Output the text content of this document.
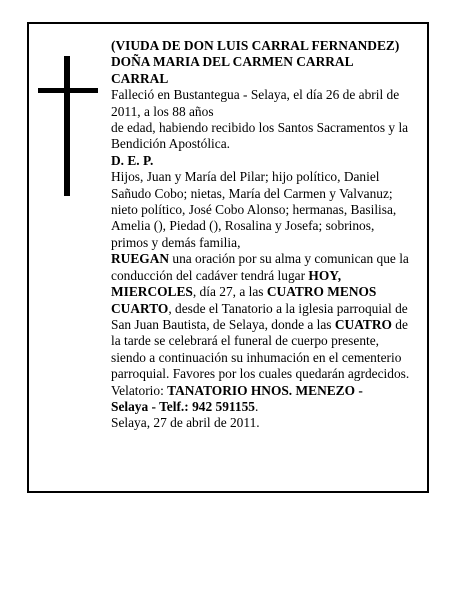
(VIUDA DE DON LUIS CARRAL FERNANDEZ)
DOÑA MARIA DEL CARMEN CARRAL
CARRAL
Falleció en Bustantegua - Selaya, el día 26 de abril de
2011, a los 88 años
de edad, habiendo recibido los Santos Sacramentos y la
Bendición Apostólica.
D. E. P.
Hijos, Juan y María del Pilar; hijo político, Daniel
Sañudo Cobo; nietas, María del Carmen y Valvanuz;
nieto político, José Cobo Alonso; hermanas, Basilisa,
Amelia (), Piedad (), Rosalina y Josefa; sobrinos,
primos y demás familia,
RUEGAN una oración por su alma y comunican que la
conducción del cadáver tendrá lugar HOY,
MIERCOLES, día 27, a las CUATRO MENOS
CUARTO, desde el Tanatorio a la iglesia parroquial de
San Juan Bautista, de Selaya, donde a las CUATRO de
la tarde se celebrará el funeral de cuerpo presente,
siendo a continuación su inhumación en el cementerio
parroquial. Favores por los cuales quedarán agrdecidos.
Velatorio: TANATORIO HNOS. MENEZO -
Selaya - Telf.: 942 591155.
Selaya, 27 de abril de 2011.
